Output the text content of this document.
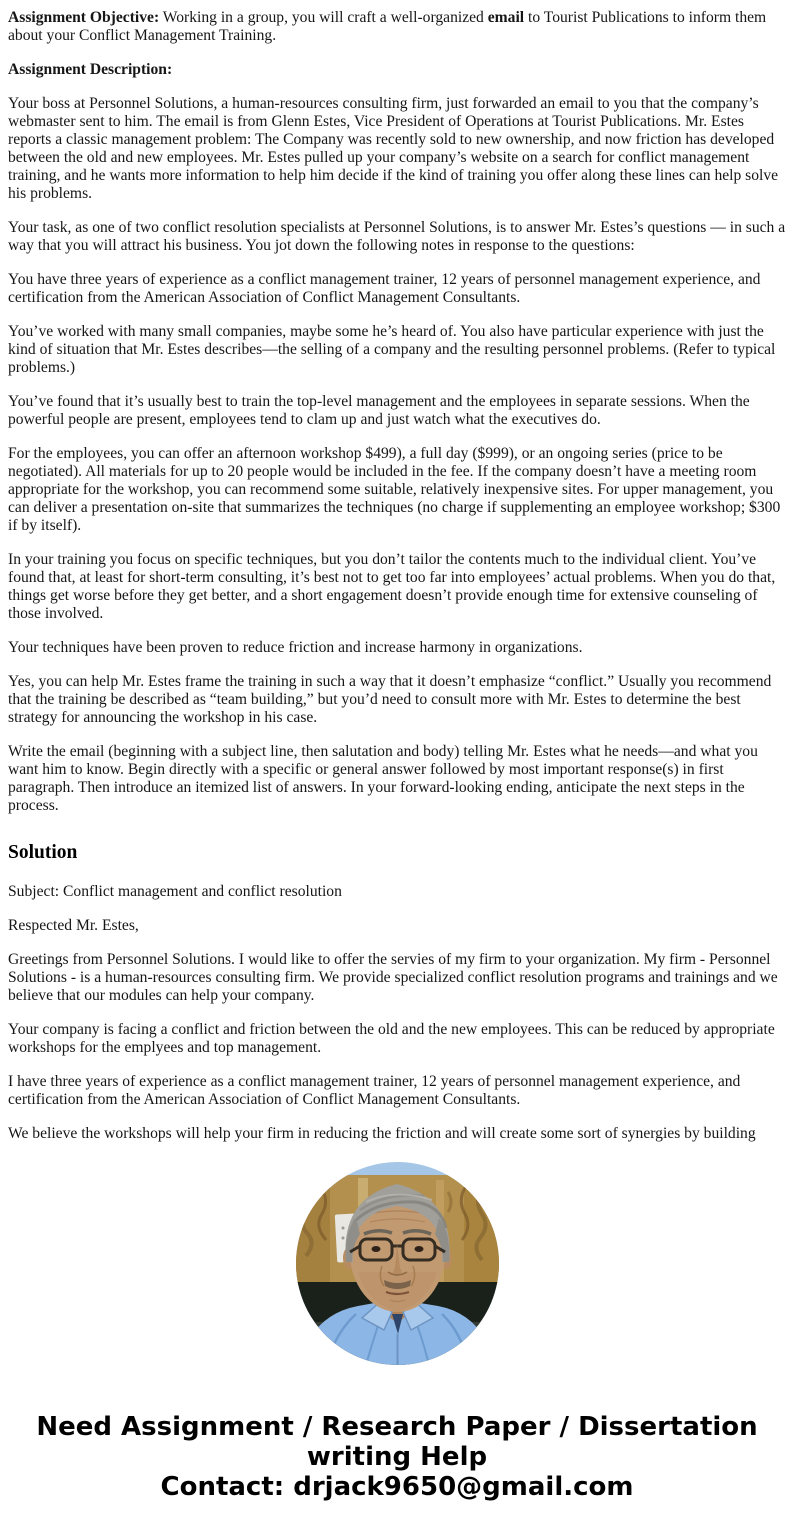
Assignment Objective: Working in a group, you will craft a well-organized email to Tourist Publications to inform them about your Conflict Management Training.

Assignment Description:

Your boss at Personnel Solutions, a human-resources consulting firm, just forwarded an email to you that the company’s webmaster sent to him. The email is from Glenn Estes, Vice President of Operations at Tourist Publications. Mr. Estes reports a classic management problem: The Company was recently sold to new ownership, and now friction has developed between the old and new employees. Mr. Estes pulled up your company’s website on a search for conflict management training, and he wants more information to help him decide if the kind of training you offer along these lines can help solve his problems.

Your task, as one of two conflict resolution specialists at Personnel Solutions, is to answer Mr. Estes’s questions — in such a way that you will attract his business. You jot down the following notes in response to the questions:

You have three years of experience as a conflict management trainer, 12 years of personnel management experience, and certification from the American Association of Conflict Management Consultants.

You’ve worked with many small companies, maybe some he’s heard of. You also have particular experience with just the kind of situation that Mr. Estes describes—the selling of a company and the resulting personnel problems. (Refer to typical problems.)

You’ve found that it’s usually best to train the top-level management and the employees in separate sessions. When the powerful people are present, employees tend to clam up and just watch what the executives do.

For the employees, you can offer an afternoon workshop $499), a full day ($999), or an ongoing series (price to be negotiated). All materials for up to 20 people would be included in the fee. If the company doesn’t have a meeting room appropriate for the workshop, you can recommend some suitable, relatively inexpensive sites. For upper management, you can deliver a presentation on-site that summarizes the techniques (no charge if supplementing an employee workshop; $300 if by itself).

In your training you focus on specific techniques, but you don’t tailor the contents much to the individual client. You’ve found that, at least for short-term consulting, it’s best not to get too far into employees’ actual problems. When you do that, things get worse before they get better, and a short engagement doesn’t provide enough time for extensive counseling of those involved.

Your techniques have been proven to reduce friction and increase harmony in organizations.

Yes, you can help Mr. Estes frame the training in such a way that it doesn’t emphasize “conflict.” Usually you recommend that the training be described as “team building,” but you’d need to consult more with Mr. Estes to determine the best strategy for announcing the workshop in his case.

Write the email (beginning with a subject line, then salutation and body) telling Mr. Estes what he needs—and what you want him to know. Begin directly with a specific or general answer followed by most important response(s) in first paragraph. Then introduce an itemized list of answers. In your forward-looking ending, anticipate the next steps in the process.

Solution

Subject: Conflict management and conflict resolution

Respected Mr. Estes,

Greetings from Personnel Solutions. I would like to offer the servies of my firm to your organization. My firm - Personnel Solutions - is a human-resources consulting firm. We provide specialized conflict resolution programs and trainings and we believe that our modules can help your company.

Your company is facing a conflict and friction between the old and the new employees. This can be reduced by appropriate workshops for the emplyees and top management.

I have three years of experience as a conflict management trainer, 12 years of personnel management experience, and certification from the American Association of Conflict Management Consultants.

We believe the workshops will help your firm in reducing the friction and will create some sort of synergies by building

Need Assignment / Research Paper / Dissertation writing Help
Contact: drjack9650@gmail.com
